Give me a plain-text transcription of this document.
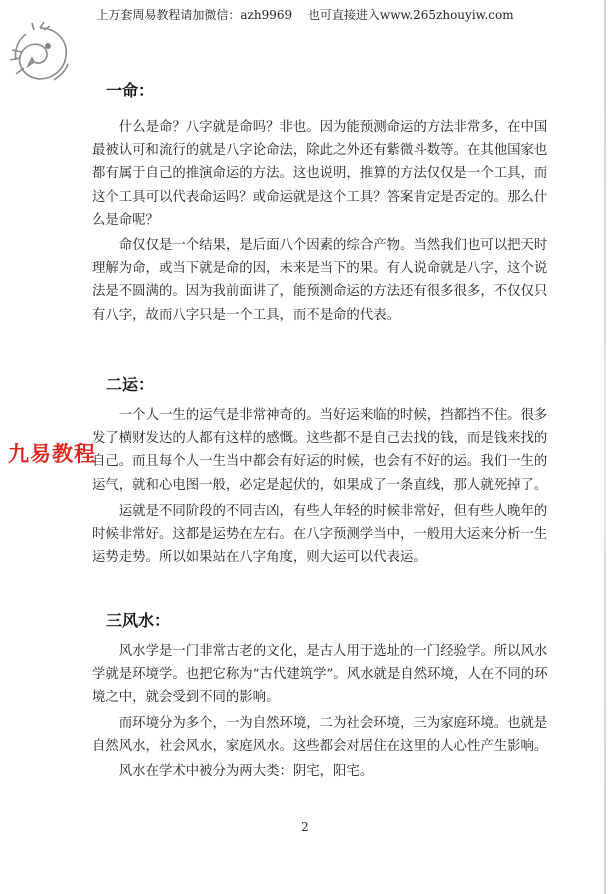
上万套周易教程请加微信：azh9969　 也可直接进入www.265zhouyiw.com
一命：

什么是命？八字就是命吗？非也。因为能预测命运的方法非常多，在中国最被认可和流行的就是八字论命法，除此之外还有紫微斗数等。在其他国家也都有属于自己的推演命运的方法。这也说明，推算的方法仅仅是一个工具，而这个工具可以代表命运吗？或命运就是这个工具？答案肯定是否定的。那么什么是命呢？

命仅仅是一个结果，是后面八个因素的综合产物。当然我们也可以把天时理解为命，或当下就是命的因，未来是当下的果。有人说命就是八字，这个说法是不圆满的。因为我前面讲了，能预测命运的方法还有很多很多，不仅仅只有八字，故而八字只是一个工具，而不是命的代表。

二运：

一个人一生的运气是非常神奇的。当好运来临的时候，挡都挡不住。很多发了横财发达的人都有这样的感慨。这些都不是自己去找的钱，而是钱来找的自己。而且每个人一生当中都会有好运的时候，也会有不好的运。我们一生的运气，就和心电图一般，必定是起伏的，如果成了一条直线，那人就死掉了。

运就是不同阶段的不同吉凶，有些人年轻的时候非常好，但有些人晚年的时候非常好。这都是运势在左右。在八字预测学当中，一般用大运来分析一生运势走势。所以如果站在八字角度，则大运可以代表运。

三风水：

风水学是一门非常古老的文化，是古人用于选址的一门经验学。所以风水学就是环境学。也把它称为“古代建筑学”。风水就是自然环境，人在不同的环境之中，就会受到不同的影响。

而环境分为多个，一为自然环境，二为社会环境，三为家庭环境。也就是自然风水，社会风水，家庭风水。这些都会对居住在这里的人心性产生影响。

风水在学术中被分为两大类：阴宅，阳宅。

九易教程
2
